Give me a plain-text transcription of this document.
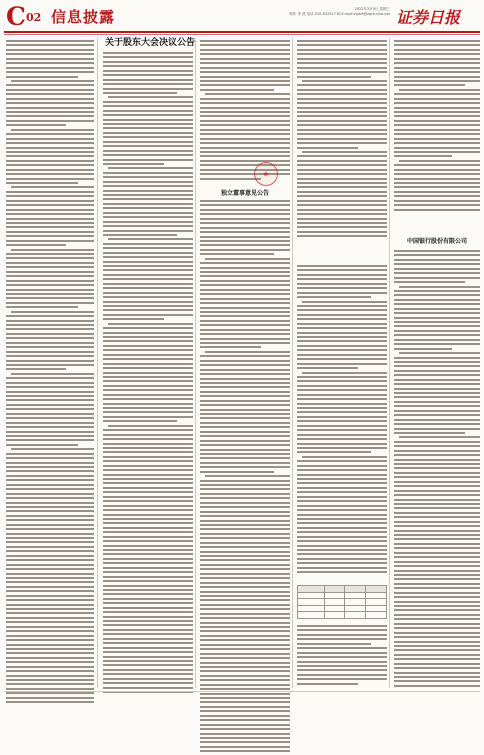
C 02 信息披露	2022年3月9日 星期三
制作 李 波 电话 010-83251716 E-mail:zqrb9@zqrb.sina.net 证券日报
关于股东大会决议公告
独立董事意见公告
★

中国银行股份有限公司
